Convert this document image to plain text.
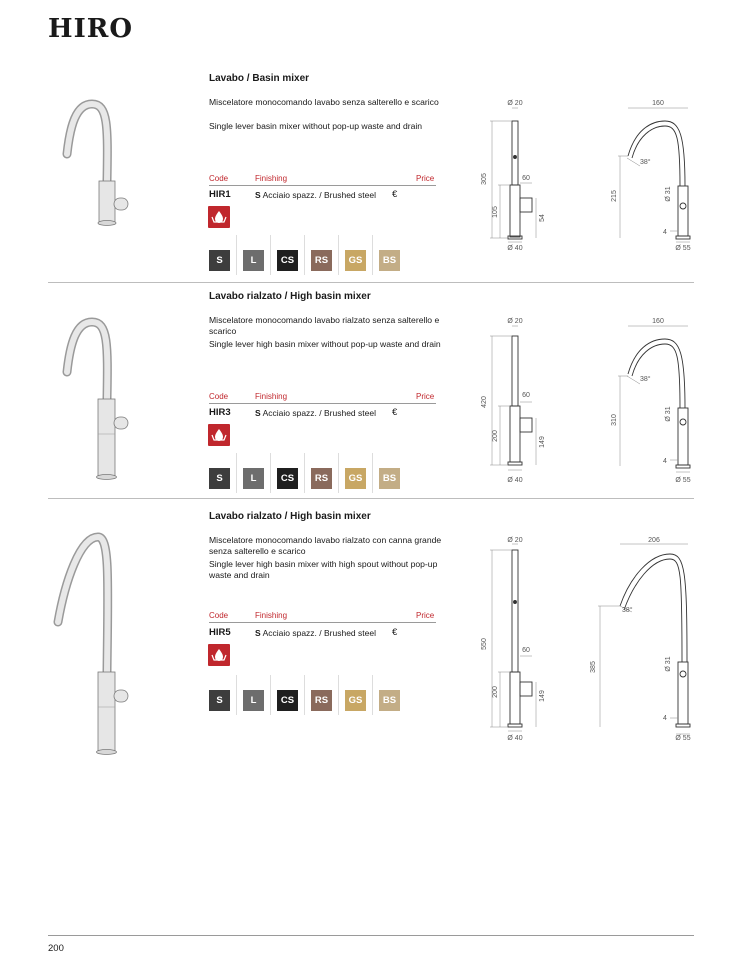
HIRO
Lavabo / Basin mixer
Miscelatore monocomando lavabo senza salterello e scarico
Single lever basin mixer without pop-up waste and drain
Code	Finishing	Price
HIR1	S Acciaio spazz. / Brushed steel €
S	L	CS	RS	GS	BS
Ø 20
305	60
105
54
Ø 40
160
38°
215	Ø 31
4
Ø 55
Lavabo rialzato / High basin mixer
Miscelatore monocomando lavabo rialzato senza salterello e scarico
Single lever high basin mixer without pop-up waste and drain
Code	Finishing	Price
HIR3	S Acciaio spazz. / Brushed steel €
S	L	CS	RS	GS	BS
Ø 20
420
60
200
149
Ø 40
160
38°
310	Ø 31
4
Ø 55
Lavabo rialzato / High basin mixer
Miscelatore monocomando lavabo rialzato con canna grande senza salterello e scarico
Single lever high basin mixer with high spout without pop-up waste and drain
Code	Finishing	Price
HIR5	S Acciaio spazz. / Brushed steel €
S	L	CS	RS	GS	BS
Ø 20
550
60
200	149
Ø 40
206
38°
385	Ø 31
4
Ø 55
200
